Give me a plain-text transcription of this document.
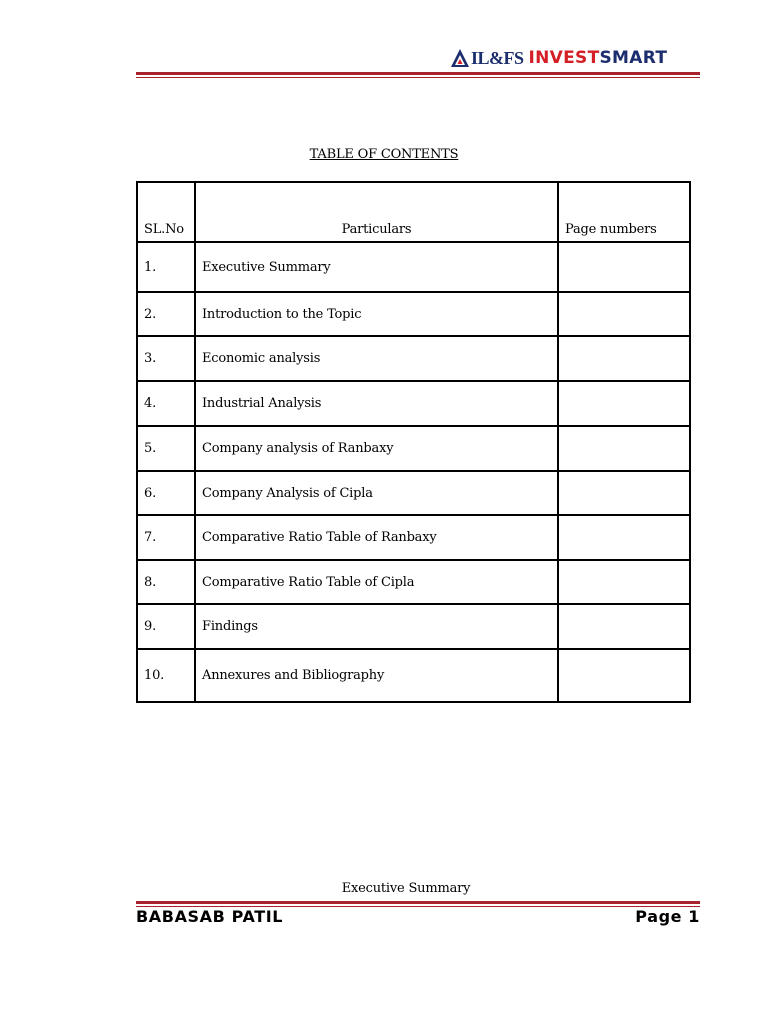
IL&FS INVEST SMART
TABLE OF CONTENTS
SL.No	Particulars	Page numbers
1.	Executive Summary	
2.	Introduction to the Topic	
3.	Economic analysis	
4.	Industrial Analysis	
5.	Company analysis of Ranbaxy	
6.	Company Analysis of Cipla	
7.	Comparative Ratio Table of Ranbaxy	
8.	Comparative Ratio Table of Cipla	
9.	Findings	
10.	Annexures and Bibliography	
Executive Summary
BABASAB PATIL	Page 1
